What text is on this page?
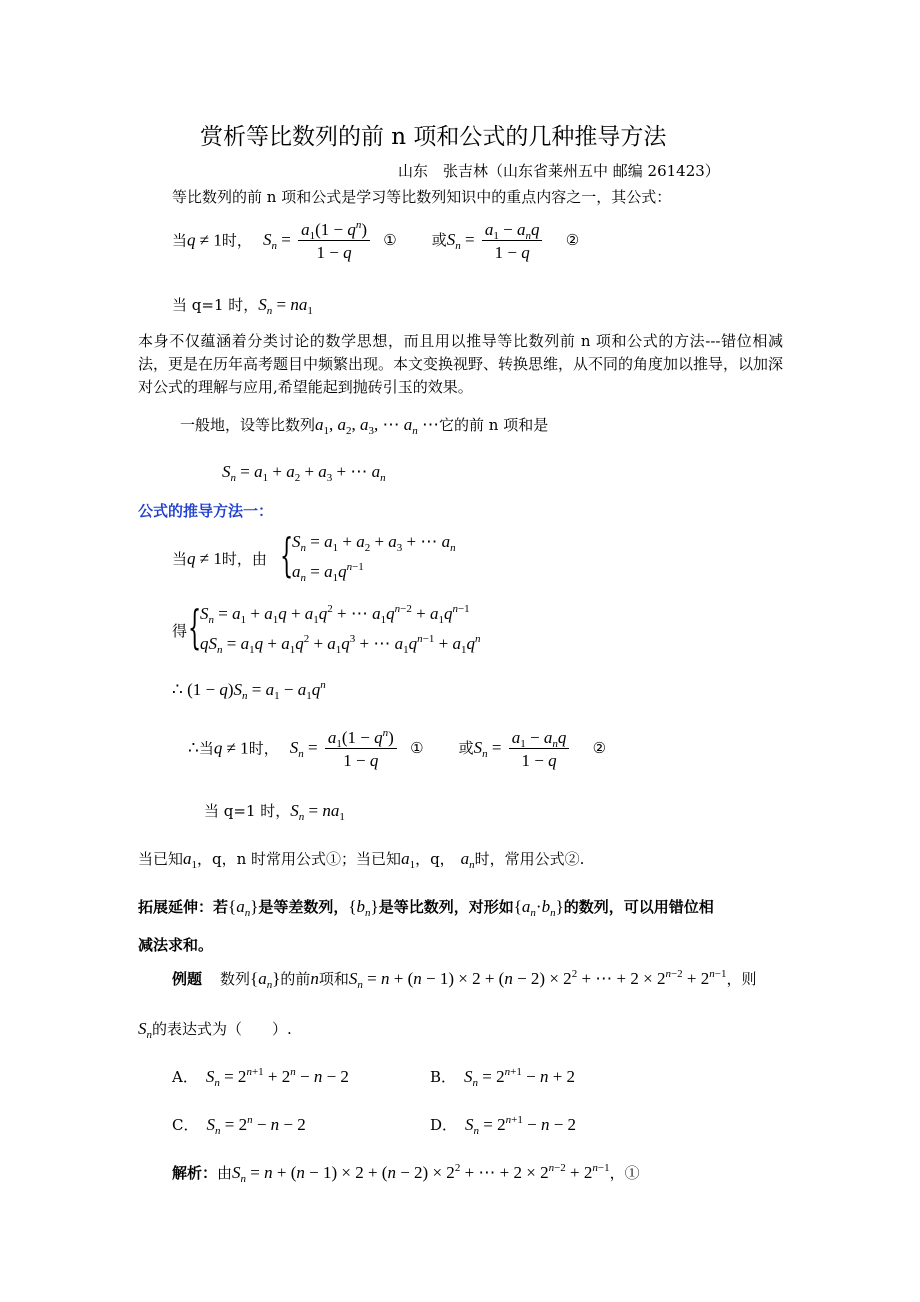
赏析等比数列的前 n 项和公式的几种推导方法
山东　张吉林（山东省莱州五中 邮编 261423）
等比数列的前 n 项和公式是学习等比数列知识中的重点内容之一，其公式：
当q ≠ 1时， $S_n = \frac{a_1(1 - q^n)}{1 - q}$ ① 或$S_n = \frac{a_1 - a_nq}{1 - q}$ ②
当 q=1 时，$S_n = na_1$
本身不仅蕴涵着分类讨论的数学思想，而且用以推导等比数列前 n 项和公式的方法---错位相减法，更是在历年高考题目中频繁出现。本文变换视野、转换思维，从不同的角度加以推导，以加深对公式的理解与应用,希望能起到抛砖引玉的效果。
一般地，设等比数列$a_1$, $a_2$, $a_3$, ⋯ $a_n$ ⋯它的前 n 项和是
$S_n = a_1 + a_2 + a_3$ + ⋯ $a_n$
公式的推导方法一：
当q ≠ 1时，由 {
$S_n = a_1 + a_2 + a_3$ + ⋯ $a_n$
$a_n = a_1q^{n-1}$
得 {
$S_n = a_1 + a_1q + a_1q^2$ + ⋯ $a_1q^{n-2} + a_1q^{n-1}$
$qS_n = a_1q + a_1q^2 + a_1q^3$ + ⋯ $a_1q^{n-1} + a_1q^n$
∴ $(1 - q)S_n = a_1 - a_1q^n$
∴当q ≠ 1时， $S_n = \frac{a_1(1 - q^n)}{1 - q}$ ① 或$S_n = \frac{a_1 - a_nq}{1 - q}$ ②
当 q=1 时，$S_n = na_1$
当已知$a_1$，q，n 时常用公式①；当已知$a_1$，q， $a_n$时，常用公式②.
拓展延伸：若$\{a_n\}$是等差数列，$\{b_n\}$是等比数列，对形如$\{a_n\cdot b_n\}$的数列，可以用错位相
减法求和。
例题 数列$\{a_n\}$的前n项和$S_n = n + (n - 1) \times 2 + (n - 2) \times 2^2$ + ⋯ + $2 \times 2^{n-2} + 2^{n-1}$，则
$S_n$的表达式为（　　）.
A． $S_n = 2^{n+1} + 2^n - n - 2$	B． $S_n = 2^{n+1} - n + 2$
C． $S_n = 2^n - n - 2$	D． $S_n = 2^{n+1} - n - 2$
解析：由$S_n = n + (n - 1) \times 2 + (n - 2) \times 2^2$ + ⋯ + $2 \times 2^{n-2} + 2^{n-1}$，①
